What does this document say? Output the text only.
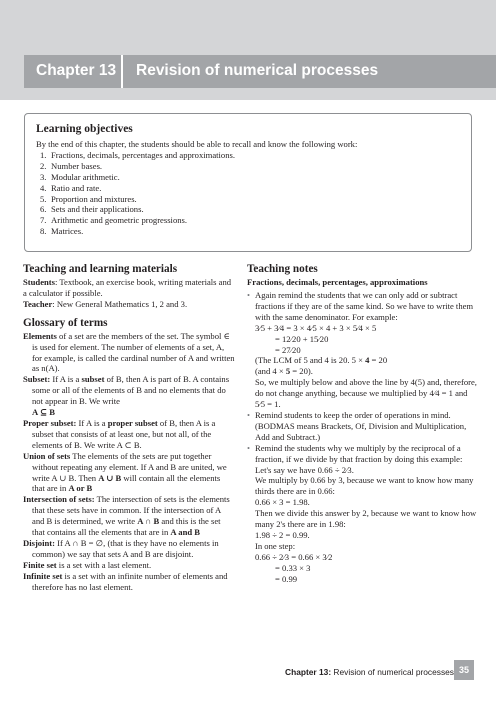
Chapter 13 Revision of numerical processes
Learning objectives
By the end of this chapter, the students should be able to recall and know the following work:
1. Fractions, decimals, percentages and approximations.
2. Number bases.
3. Modular arithmetic.
4. Ratio and rate.
5. Proportion and mixtures.
6. Sets and their applications.
7. Arithmetic and geometric progressions.
8. Matrices.
Teaching and learning materials
Students: Textbook, an exercise book, writing materials and a calculator if possible.
Teacher: New General Mathematics 1, 2 and 3.
Glossary of terms
Elements of a set are the members of the set. The symbol ∈ is used for element. The number of elements of a set, A, for example, is called the cardinal number of A and written as n(A).
Subset: If A is a subset of B, then A is part of B. A contains some or all of the elements of B and no elements that do not appear in B. We write
A ⊆ B
Proper subset: If A is a proper subset of B, then A is a subset that consists of at least one, but not all, of the elements of B. We write A ⊂ B.
Union of sets The elements of the sets are put together without repeating any element. If A and B are united, we write A ∪ B. Then A ∪ B will contain all the elements that are in A or B
Intersection of sets: The intersection of sets is the elements that these sets have in common. If the intersection of A and B is determined, we write A ∩ B and this is the set that contains all the elements that are in A and B
Disjoint: If A ∩ B = ∅, (that is they have no elements in common) we say that sets A and B are disjoint.
Finite set is a set with a last element.
Infinite set is a set with an infinite number of elements and therefore has no last element.
Teaching notes
Fractions, decimals, percentages, approximations
• Again remind the students that we can only add or subtract fractions if they are of the same kind. So we have to write them with the same denominator. For example:
3⁄5 + 3⁄4 = 3 × 4⁄5 × 4 + 3 × 5⁄4 × 5
= 12⁄20 + 15⁄20
= 27⁄20
(The LCM of 5 and 4 is 20. 5 × 4 = 20
(and 4 × 5 = 20).
So, we multiply below and above the line by 4(5) and, therefore, do not change anything, because we multiplied by 4⁄4 = 1 and 5⁄5 = 1.
• Remind students to keep the order of operations in mind. (BODMAS means Brackets, Of, Division and Multiplication, Add and Subtract.)
• Remind the students why we multiply by the reciprocal of a fraction, if we divide by that fraction by doing this example:
Let's say we have 0.66 ÷ 2⁄3.
We multiply by 0.66 by 3, because we want to know how many thirds there are in 0.66:
0.66 × 3 = 1.98.
Then we divide this answer by 2, because we want to know how many 2's there are in 1.98:
1.98 ÷ 2 = 0.99.
In one step:
0.66 ÷ 2⁄3 = 0.66 × 3⁄2
= 0.33 × 3
= 0.99
Chapter 13: Revision of numerical processes 35
